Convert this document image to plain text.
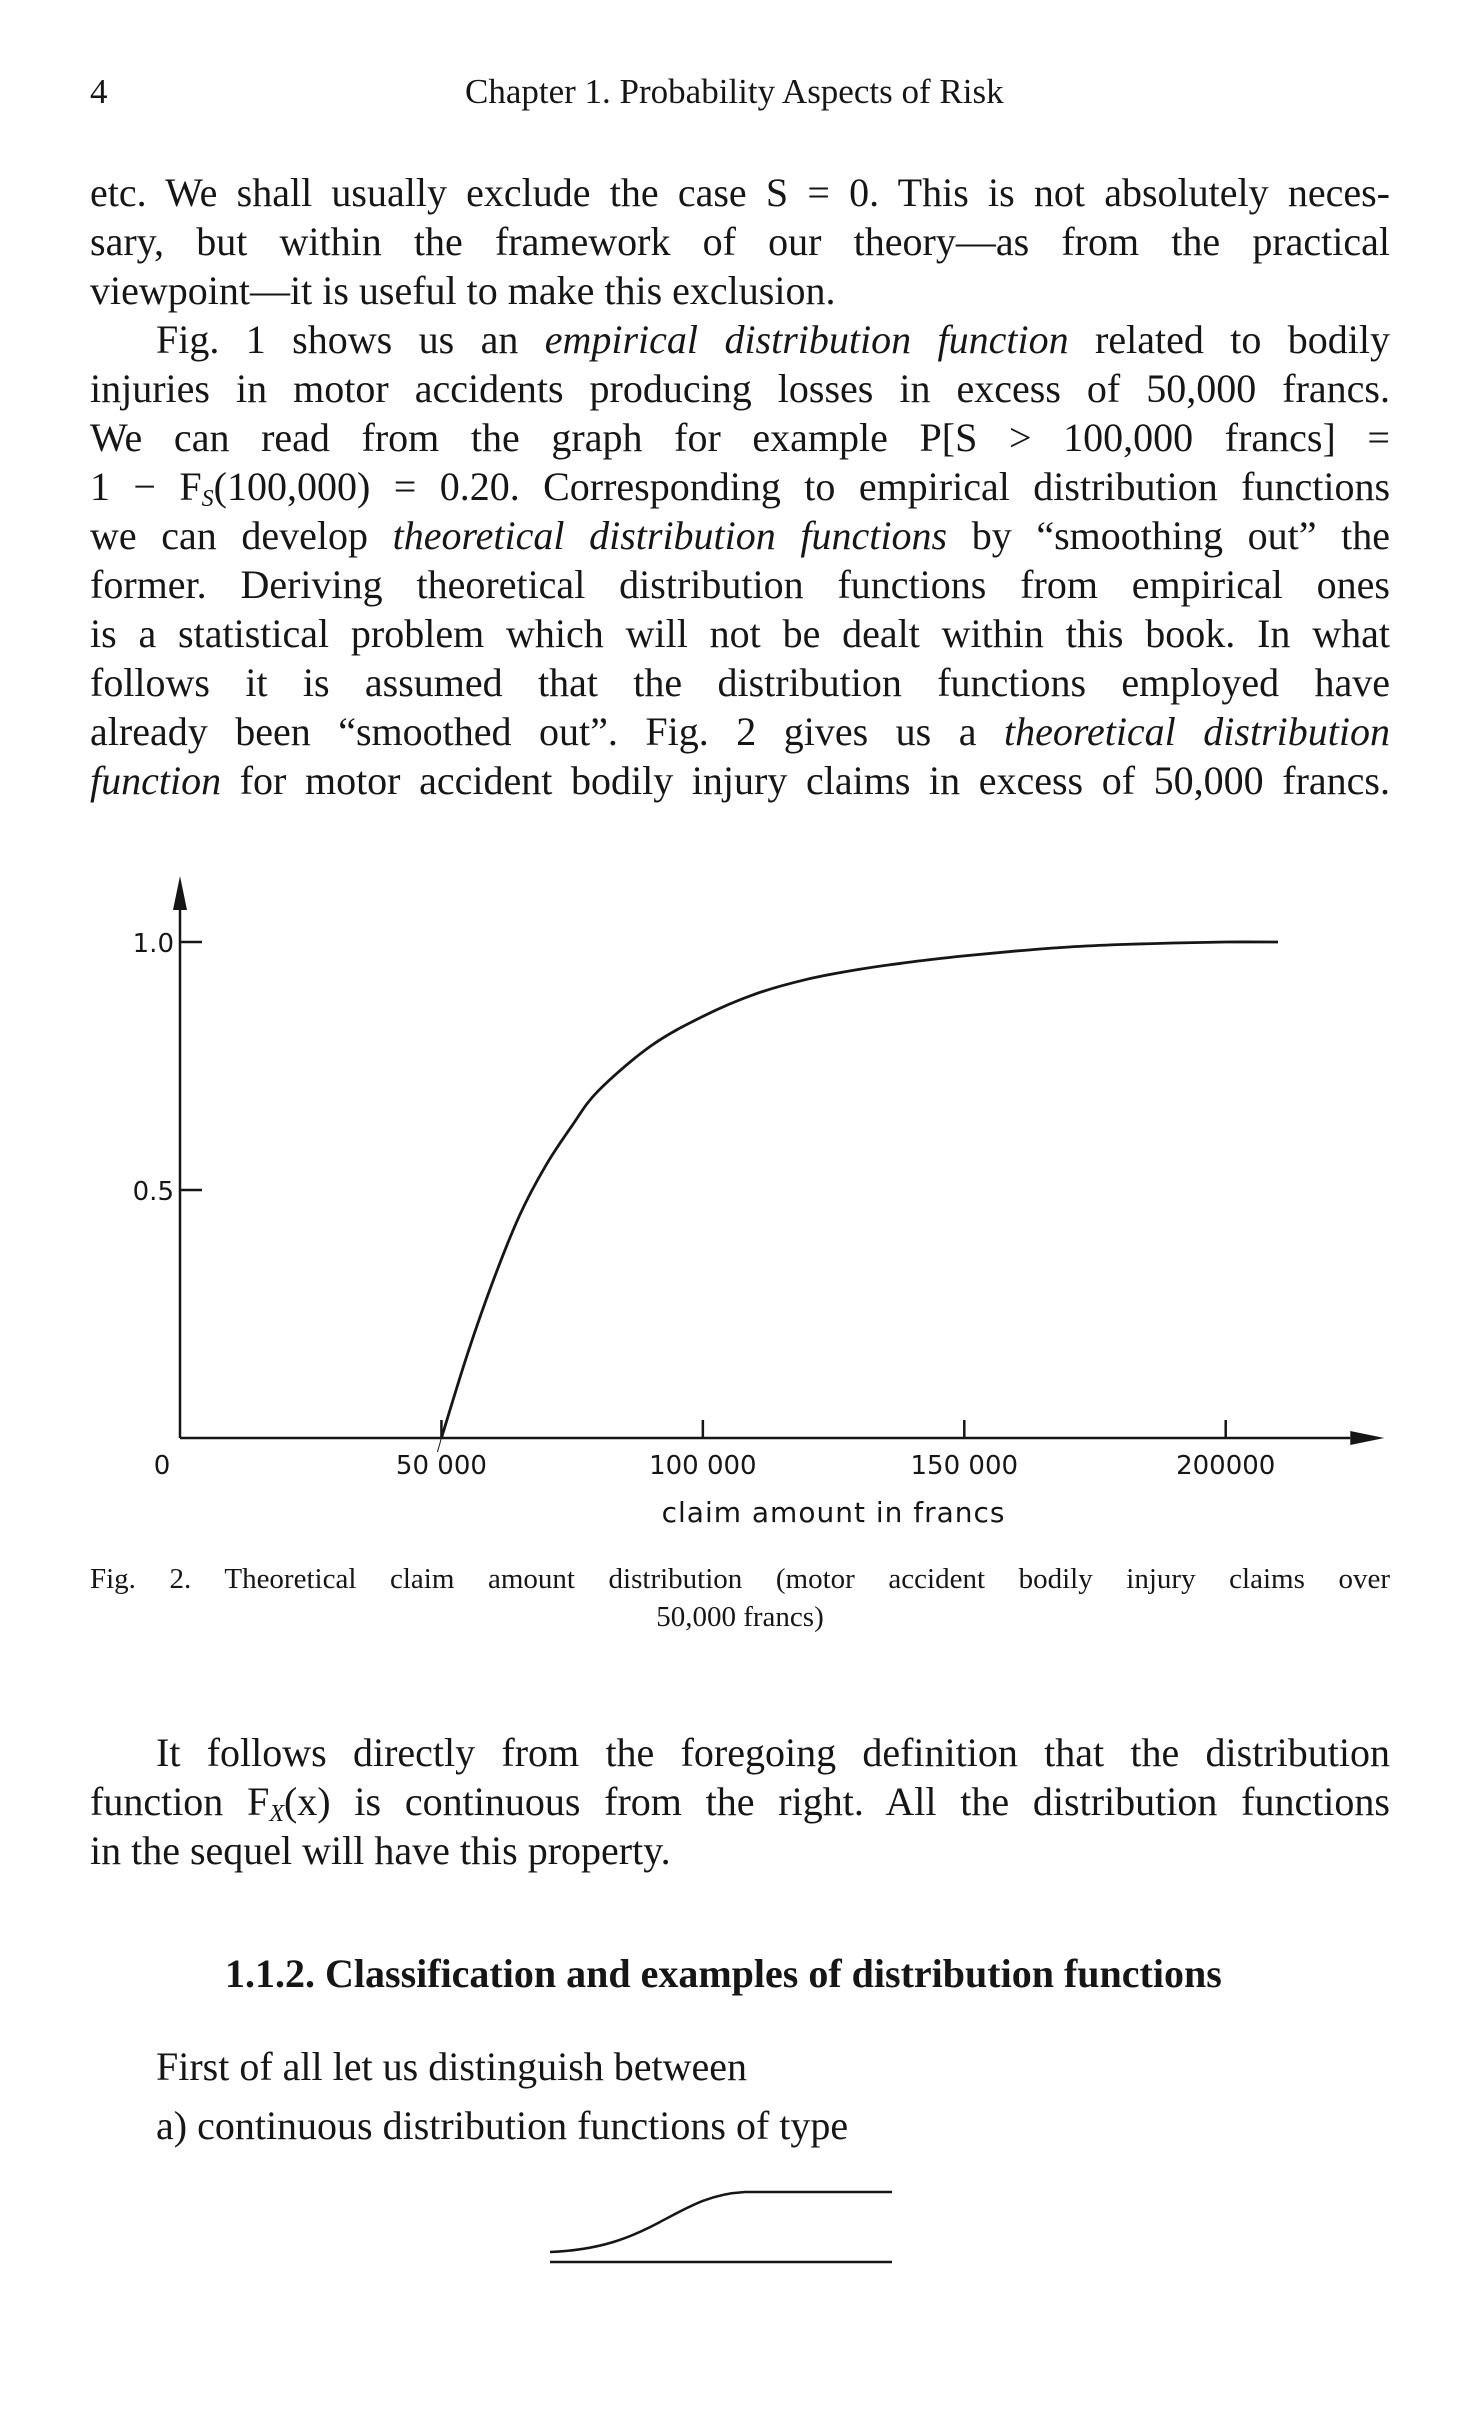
4	Chapter 1. Probability Aspects of Risk
etc. We shall usually exclude the case S = 0. This is not absolutely neces-
sary, but within the framework of our theory—as from the practical
viewpoint—it is useful to make this exclusion.
Fig. 1 shows us an empirical distribution function related to bodily
injuries in motor accidents producing losses in excess of 50,000 francs.
We can read from the graph for example P[S > 100,000 francs] =
$1 - F_S(100,000) = 0.20$. Corresponding to empirical distribution functions
we can develop theoretical distribution functions by “smoothing out” the
former. Deriving theoretical distribution functions from empirical ones
is a statistical problem which will not be dealt within this book. In what
follows it is assumed that the distribution functions employed have
already been “smoothed out”. Fig. 2 gives us a theoretical distribution
function for motor accident bodily injury claims in excess of 50,000 francs.
0.5
1.0
0	50 000	100 000	150 000	200000
claim amount in francs
Fig. 2. Theoretical claim amount distribution (motor accident bodily injury claims over
50,000 francs)
It follows directly from the foregoing definition that the distribution
function $F_X(x)$ is continuous from the right. All the distribution functions
in the sequel will have this property.
1.1.2. Classification and examples of distribution functions
First of all let us distinguish between
a) continuous distribution functions of type
